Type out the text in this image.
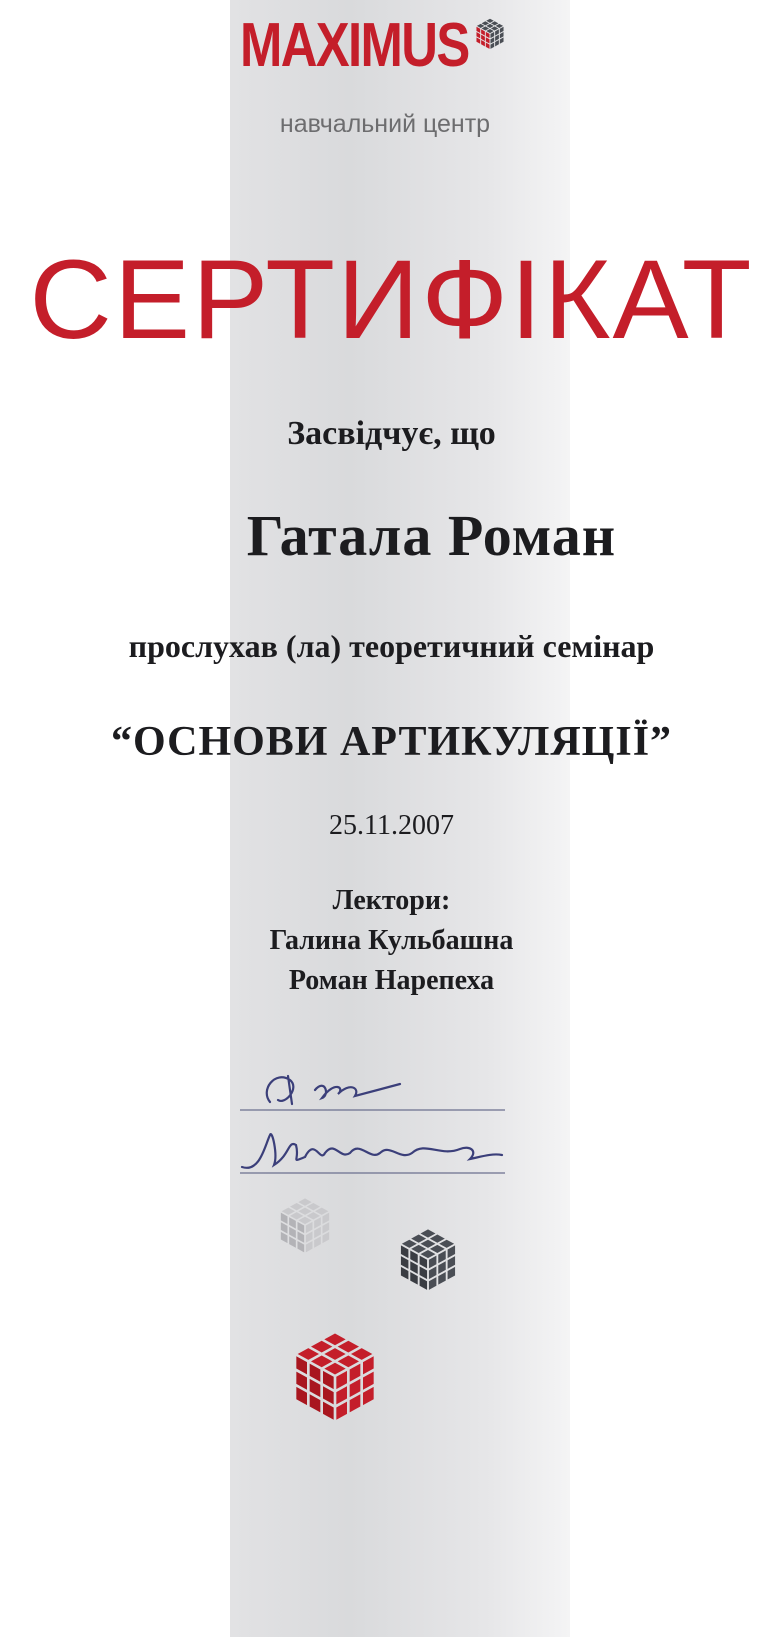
MAXIMUS
навчальний центр
СЕРТИФІКАТ
Засвідчує, що
Гатала Роман
прослухав (ла) теоретичний семінар
“ОСНОВИ АРТИКУЛЯЦІЇ”
25.11.2007
Лектори:
Галина Кульбашна
Роман Нарепеха
